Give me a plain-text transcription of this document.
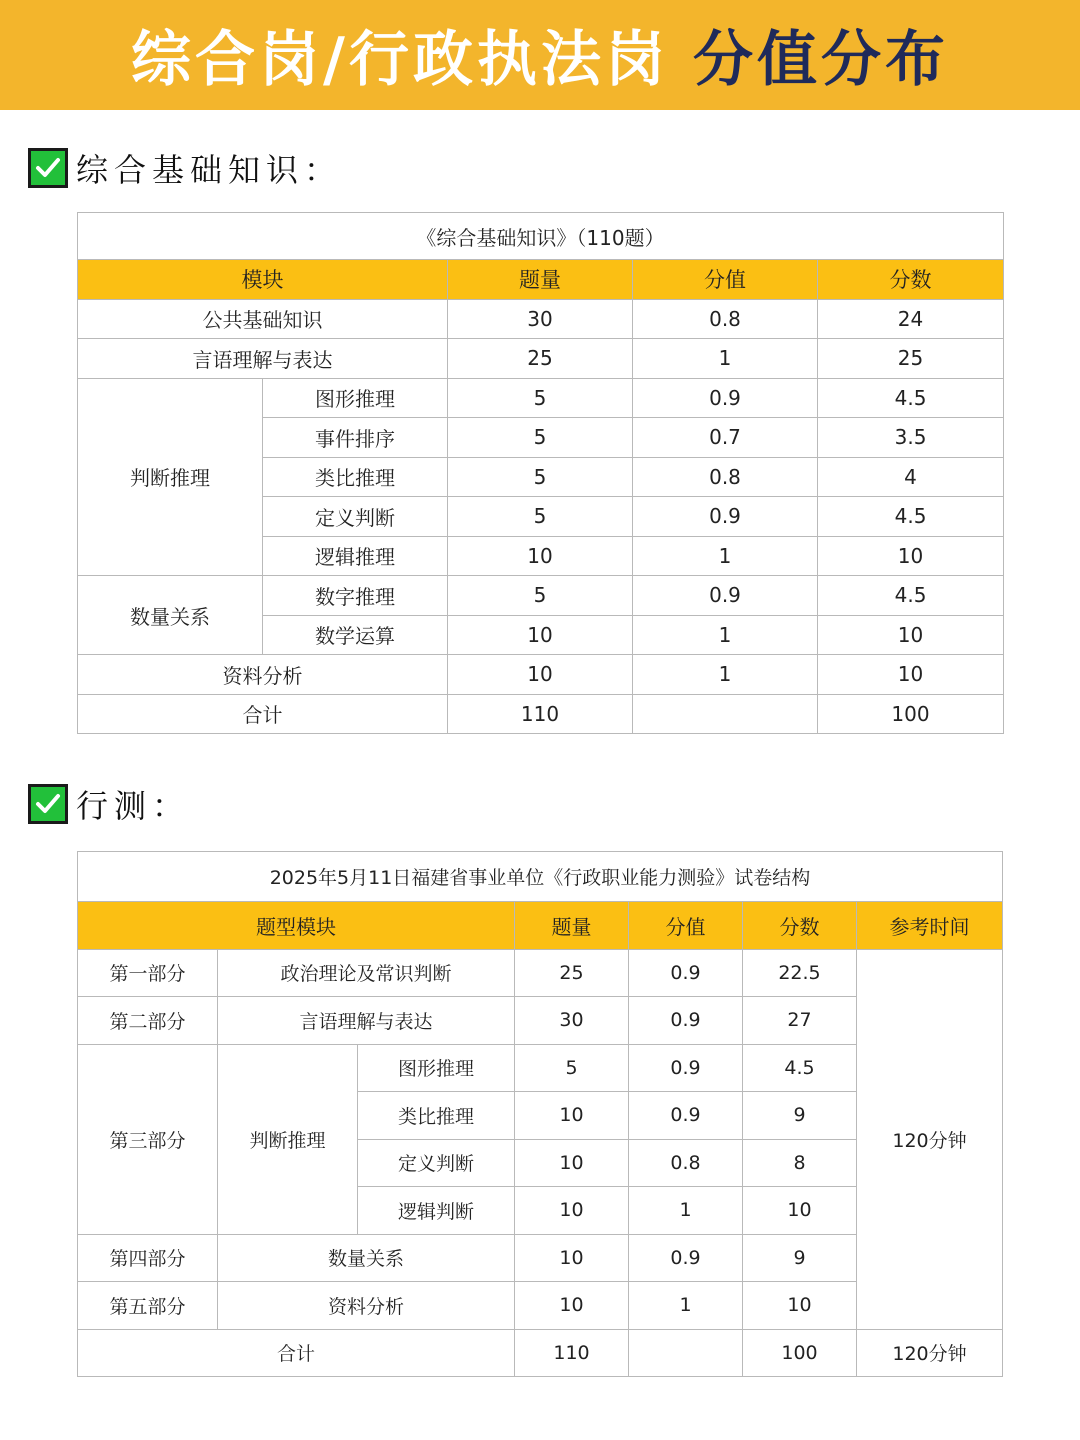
综合岗/行政执法岗 分值分布
综合基础知识：
《综合基础知识》（110题）				
模块		题量	分值	分数
公共基础知识		30	0.8	24
言语理解与表达		25	1	25
判断推理	图形推理	5	0.9	4.5
	事件排序	5	0.7	3.5
	类比推理	5	0.8	4
	定义判断	5	0.9	4.5
	逻辑推理	10	1	10
数量关系	数字推理	5	0.9	4.5
	数学运算	10	1	10
资料分析		10	1	10
合计		110		100
行测：
2025年5月11日福建省事业单位《行政职业能力测验》试卷结构						
题型模块			题量	分值	分数	参考时间
第一部分	政治理论及常识判断		25	0.9	22.5	120分钟
第二部分	言语理解与表达		30	0.9	27	
第三部分	判断推理	图形推理	5	0.9	4.5	
		类比推理	10	0.9	9	
		定义判断	10	0.8	8	
		逻辑判断	10	1	10	
第四部分	数量关系		10	0.9	9	
第五部分	资料分析		10	1	10	
合计			110		100	120分钟
